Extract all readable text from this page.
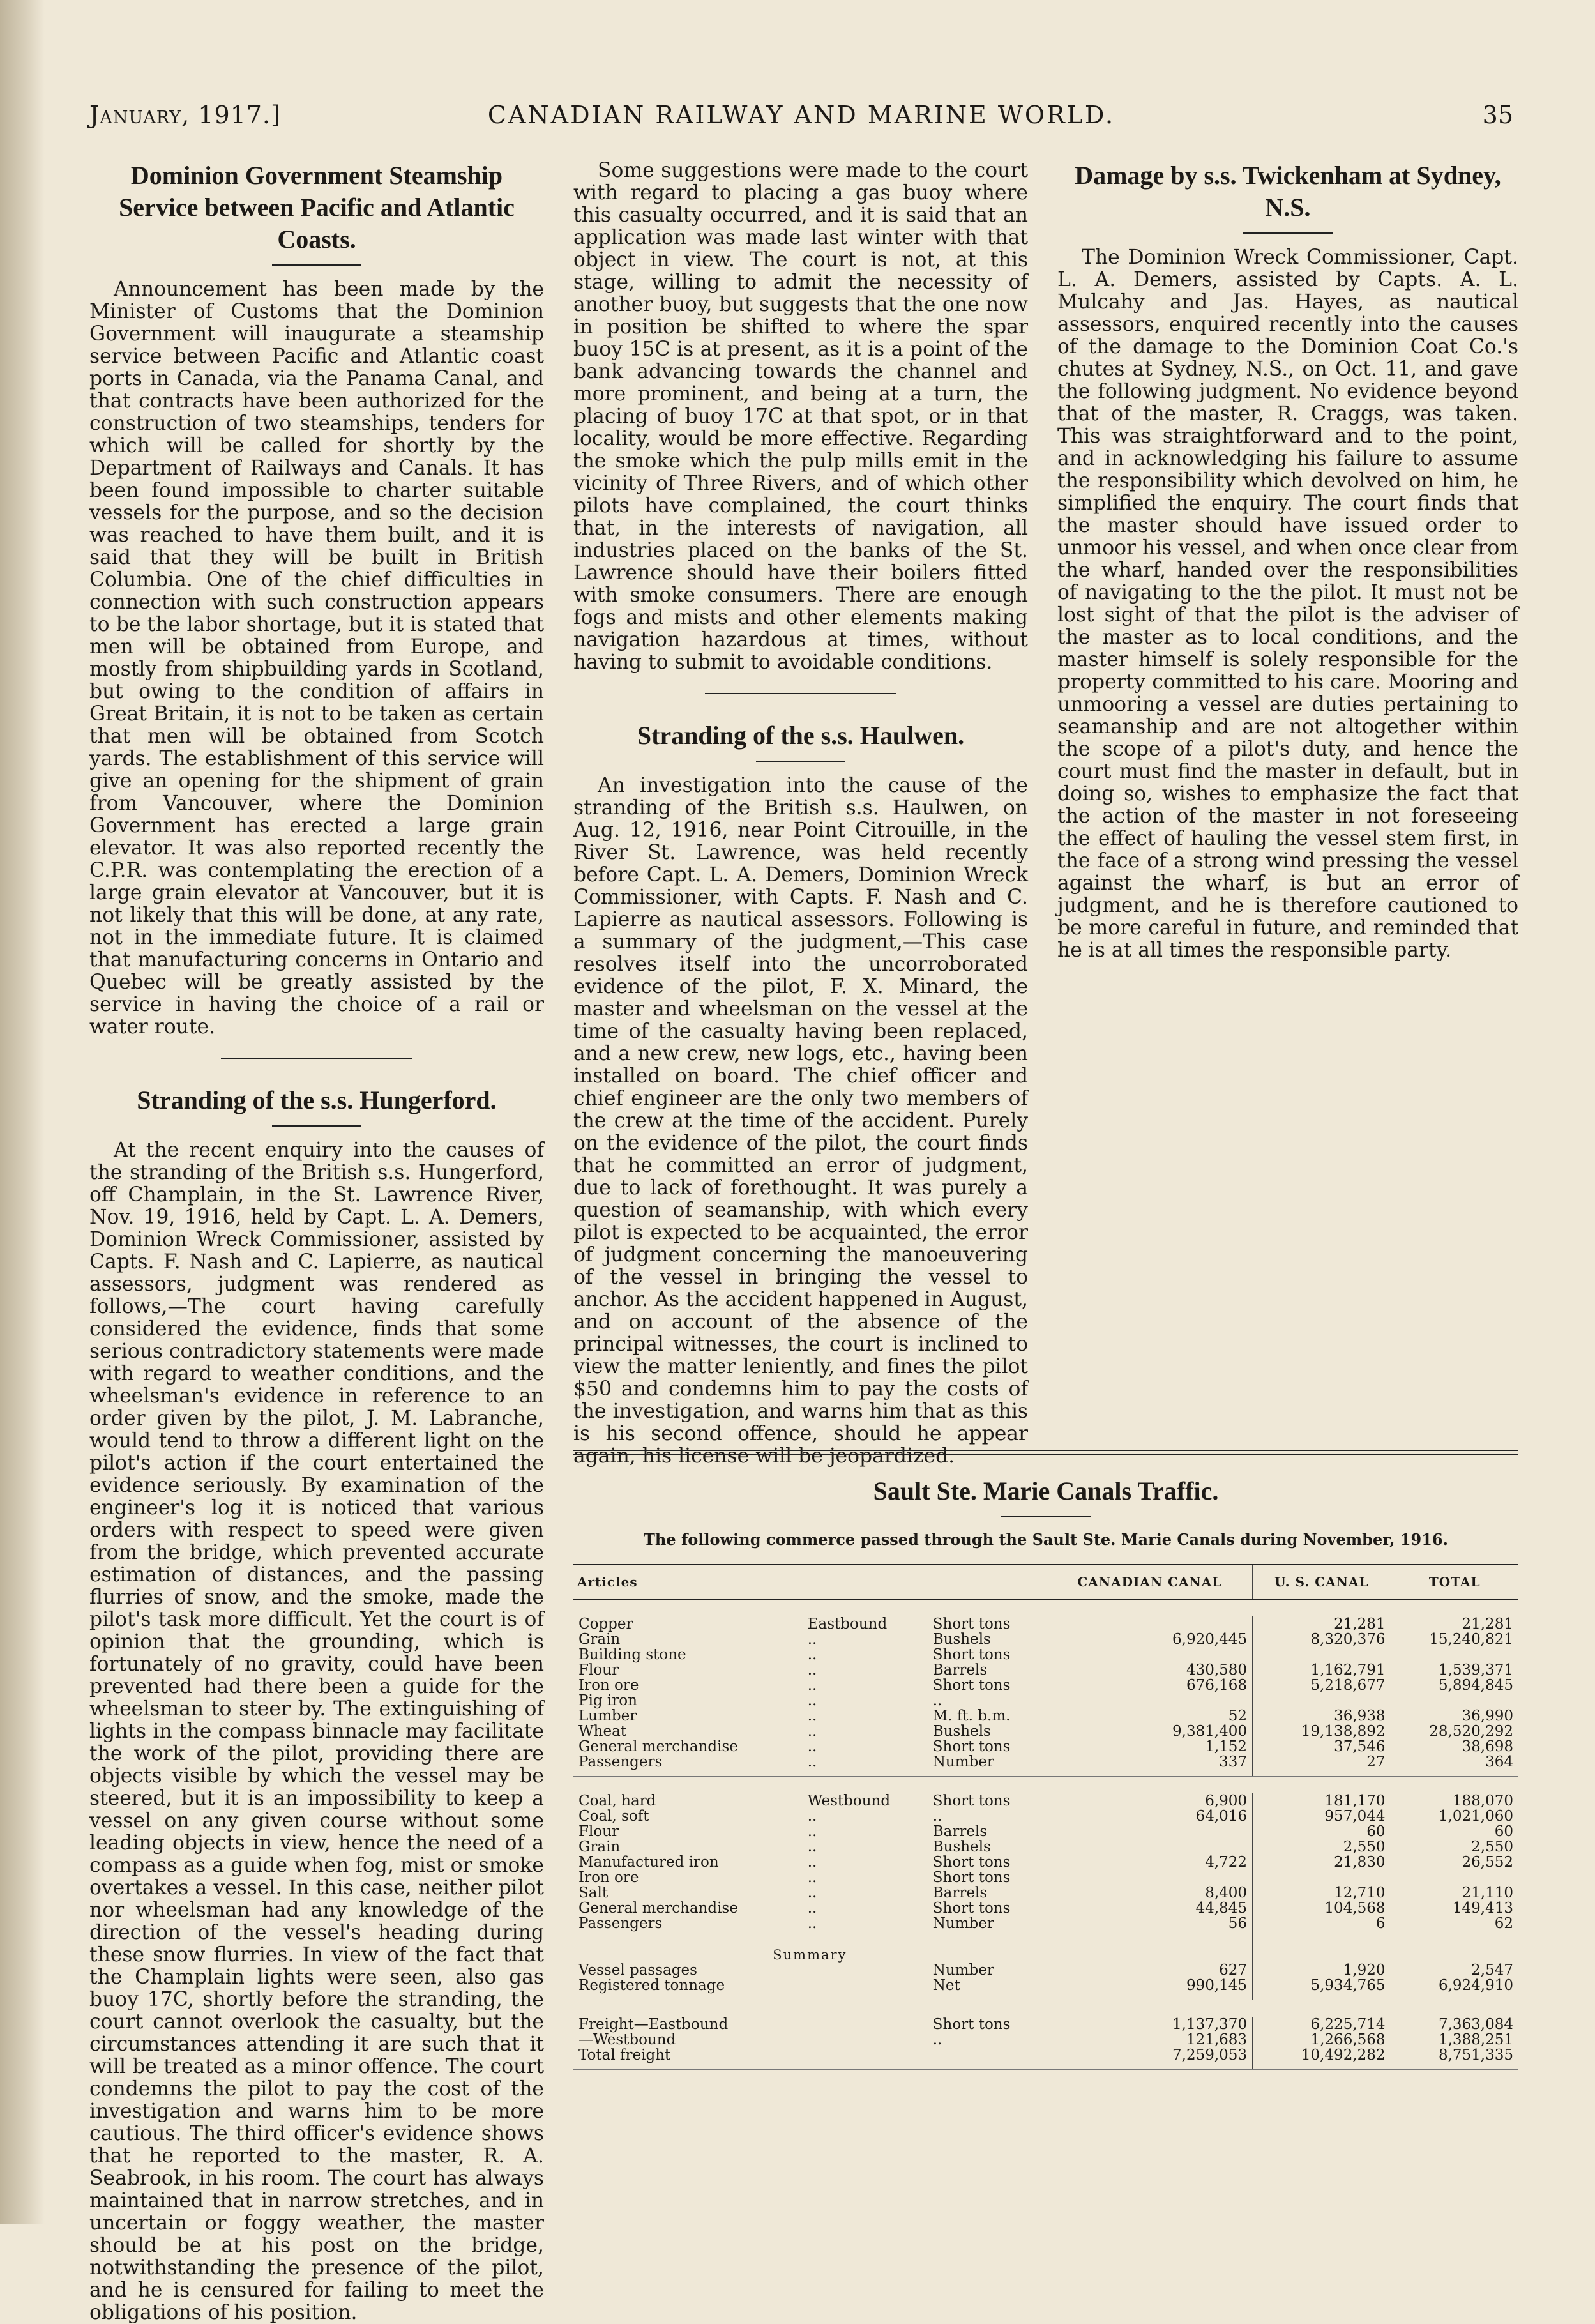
January, 1917.]	CANADIAN RAILWAY AND MARINE WORLD.	35
Dominion Government Steamship Service between Pacific and Atlantic Coasts.

Announcement has been made by the Minister of Customs that the Dominion Government will inaugurate a steamship service between Pacific and Atlantic coast ports in Canada, via the Panama Canal, and that contracts have been authorized for the construction of two steamships, tenders for which will be called for shortly by the Department of Railways and Canals. It has been found impossible to charter suitable vessels for the purpose, and so the decision was reached to have them built, and it is said that they will be built in British Columbia. One of the chief difficulties in connection with such construction appears to be the labor shortage, but it is stated that men will be obtained from Europe, and mostly from shipbuilding yards in Scotland, but owing to the condition of affairs in Great Britain, it is not to be taken as certain that men will be obtained from Scotch yards. The establishment of this service will give an opening for the shipment of grain from Vancouver, where the Dominion Government has erected a large grain elevator. It was also reported recently the C.P.R. was contemplating the erection of a large grain elevator at Vancouver, but it is not likely that this will be done, at any rate, not in the immediate future. It is claimed that manufacturing concerns in Ontario and Quebec will be greatly assisted by the service in having the choice of a rail or water route.

Stranding of the s.s. Hungerford.

At the recent enquiry into the causes of the stranding of the British s.s. Hungerford, off Champlain, in the St. Lawrence River, Nov. 19, 1916, held by Capt. L. A. Demers, Dominion Wreck Commissioner, assisted by Capts. F. Nash and C. Lapierre, as nautical assessors, judgment was rendered as follows,—The court having carefully considered the evidence, finds that some serious contradictory statements were made with regard to weather conditions, and the wheelsman's evidence in reference to an order given by the pilot, J. M. Labranche, would tend to throw a different light on the pilot's action if the court entertained the evidence seriously. By examination of the engineer's log it is noticed that various orders with respect to speed were given from the bridge, which prevented accurate estimation of distances, and the passing flurries of snow, and the smoke, made the pilot's task more difficult. Yet the court is of opinion that the grounding, which is fortunately of no gravity, could have been prevented had there been a guide for the wheelsman to steer by. The extinguishing of lights in the compass binnacle may facilitate the work of the pilot, providing there are objects visible by which the vessel may be steered, but it is an impossibility to keep a vessel on any given course without some leading objects in view, hence the need of a compass as a guide when fog, mist or smoke overtakes a vessel. In this case, neither pilot nor wheelsman had any knowledge of the direction of the vessel's heading during these snow flurries. In view of the fact that the Champlain lights were seen, also gas buoy 17C, shortly before the stranding, the court cannot overlook the casualty, but the circumstances attending it are such that it will be treated as a minor offence. The court condemns the pilot to pay the cost of the investigation and warns him to be more cautious. The third officer's evidence shows that he reported to the master, R. A. Seabrook, in his room. The court has always maintained that in narrow stretches, and in uncertain or foggy weather, the master should be at his post on the bridge, notwithstanding the presence of the pilot, and he is censured for failing to meet the obligations of his position.

Some suggestions were made to the court with regard to placing a gas buoy where this casualty occurred, and it is said that an application was made last winter with that object in view. The court is not, at this stage, willing to admit the necessity of another buoy, but suggests that the one now in position be shifted to where the spar buoy 15C is at present, as it is a point of the bank advancing towards the channel and more prominent, and being at a turn, the placing of buoy 17C at that spot, or in that locality, would be more effective. Regarding the smoke which the pulp mills emit in the vicinity of Three Rivers, and of which other pilots have complained, the court thinks that, in the interests of navigation, all industries placed on the banks of the St. Lawrence should have their boilers fitted with smoke consumers. There are enough fogs and mists and other elements making navigation hazardous at times, without having to submit to avoidable conditions.

Stranding of the s.s. Haulwen.

An investigation into the cause of the stranding of the British s.s. Haulwen, on Aug. 12, 1916, near Point Citrouille, in the River St. Lawrence, was held recently before Capt. L. A. Demers, Dominion Wreck Commissioner, with Capts. F. Nash and C. Lapierre as nautical assessors. Following is a summary of the judgment,—This case resolves itself into the uncorroborated evidence of the pilot, F. X. Minard, the master and wheelsman on the vessel at the time of the casualty having been replaced, and a new crew, new logs, etc., having been installed on board. The chief officer and chief engineer are the only two members of the crew at the time of the accident. Purely on the evidence of the pilot, the court finds that he committed an error of judgment, due to lack of forethought. It was purely a question of seamanship, with which every pilot is expected to be acquainted, the error of judgment concerning the manoeuvering of the vessel in bringing the vessel to anchor. As the accident happened in August, and on account of the absence of the principal witnesses, the court is inclined to view the matter leniently, and fines the pilot $50 and condemns him to pay the costs of the investigation, and warns him that as this is his second offence, should he appear again, his license will be jeopardized.

Damage by s.s. Twickenham at Sydney, N.S.

The Dominion Wreck Commissioner, Capt. L. A. Demers, assisted by Capts. A. L. Mulcahy and Jas. Hayes, as nautical assessors, enquired recently into the causes of the damage to the Dominion Coat Co.'s chutes at Sydney, N.S., on Oct. 11, and gave the following judgment. No evidence beyond that of the master, R. Craggs, was taken. This was straightforward and to the point, and in acknowledging his failure to assume the responsibility which devolved on him, he simplified the enquiry. The court finds that the master should have issued order to unmoor his vessel, and when once clear from the wharf, handed over the responsibilities of navigating to the the pilot. It must not be lost sight of that the pilot is the adviser of the master as to local conditions, and the master himself is solely responsible for the property committed to his care. Mooring and unmooring a vessel are duties pertaining to seamanship and are not altogether within the scope of a pilot's duty, and hence the court must find the master in default, but in doing so, wishes to emphasize the fact that the action of the master in not foreseeing the effect of hauling the vessel stem first, in the face of a strong wind pressing the vessel against the wharf, is but an error of judgment, and he is therefore cautioned to be more careful in future, and reminded that he is at all times the responsible party.

Sault Ste. Marie Canals Traffic.
The following commerce passed through the Sault Ste. Marie Canals during November, 1916.
Articles			CANADIAN CANAL	U. S. CANAL	TOTAL

Copper	Eastbound	Short tons		21,281	21,281
Grain	..	Bushels	6,920,445	8,320,376	15,240,821
Building stone	..	Short tons			
Flour	..	Barrels	430,580	1,162,791	1,539,371
Iron ore	..	Short tons	676,168	5,218,677	5,894,845
Pig iron	..	..			
Lumber	..	M. ft. b.m.	52	36,938	36,990
Wheat	..	Bushels	9,381,400	19,138,892	28,520,292
General merchandise	..	Short tons	1,152	37,546	38,698
Passengers	..	Number	337	27	364

Coal, hard	Westbound	Short tons	6,900	181,170	188,070
Coal, soft	..	..	64,016	957,044	1,021,060
Flour	..	Barrels		60	60
Grain	..	Bushels		2,550	2,550
Manufactured iron	..	Short tons	4,722	21,830	26,552
Iron ore	..	Short tons			
Salt	..	Barrels	8,400	12,710	21,110
General merchandise	..	Short tons	44,845	104,568	149,413
Passengers	..	Number	56	6	62
Summary					
Vessel passages		Number	627	1,920	2,547
Registered tonnage		Net	990,145	5,934,765	6,924,910

Freight—Eastbound		Short tons	1,137,370	6,225,714	7,363,084
—Westbound		..	121,683	1,266,568	1,388,251
Total freight			7,259,053	10,492,282	8,751,335
